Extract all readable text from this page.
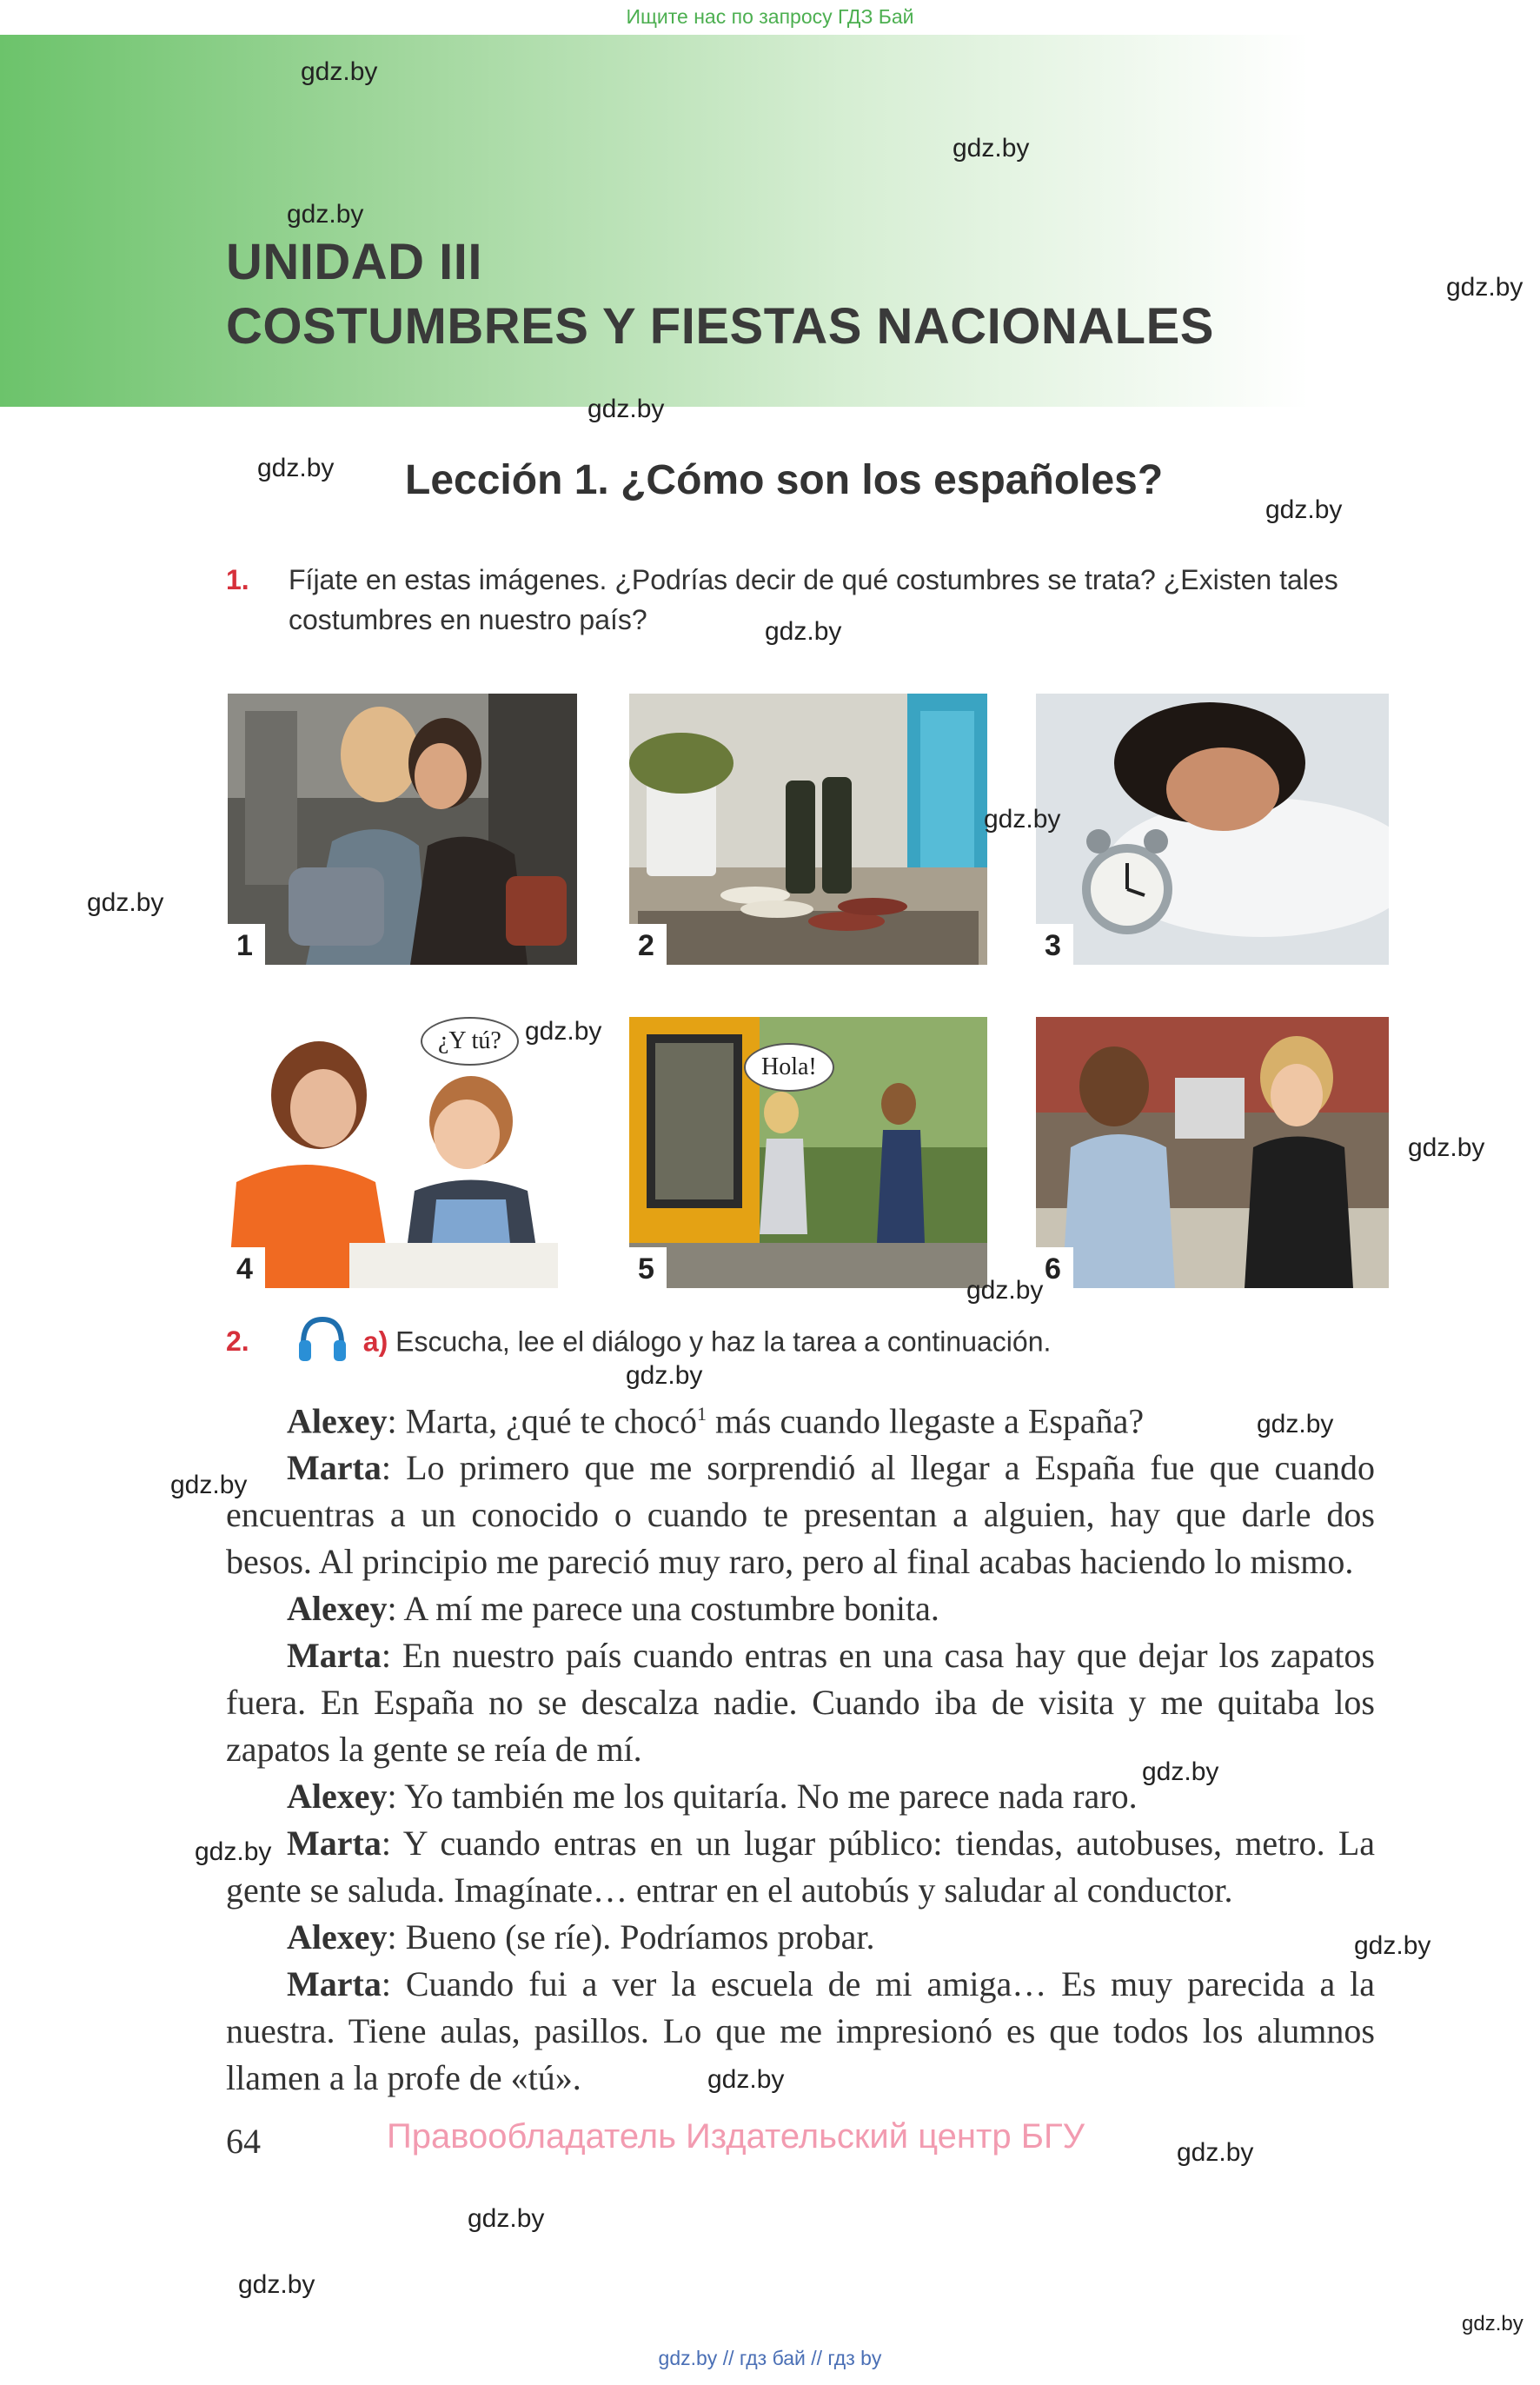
Ищите нас по запросу ГДЗ Бай
UNIDAD III
COSTUMBRES Y FIESTAS NACIONALES
Lección 1. ¿Cómo son los españoles?
1. Fíjate en estas imágenes. ¿Podrías decir de qué costumbres se trata? ¿Existen tales costumbres en nuestro país?
1	2	3
¿Y tú?
4
Hola!
5	6
2.	a) Escucha, lee el diálogo y haz la tarea a continuación.

Alexey: Marta, ¿qué te chocó$^1$ más cuando llegaste a España?

Marta: Lo primero que me sorprendió al llegar a España fue que cuando encuentras a un conocido o cuando te presentan a alguien, hay que darle dos besos. Al principio me pareció muy raro, pero al final acabas haciendo lo mismo.

Alexey: A mí me parece una costumbre bonita.

Marta: En nuestro país cuando entras en una casa hay que dejar los zapatos fuera. En España no se descalza nadie. Cuando iba de visita y me quitaba los zapatos la gente se reía de mí.

Alexey: Yo también me los quitaría. No me parece nada raro.

Marta: Y cuando entras en un lugar público: tiendas, autobuses, metro. La gente se saluda. Imagínate… entrar en el autobús y saludar al conductor.

Alexey: Bueno (se ríe). Podríamos probar.

Marta: Cuando fui a ver la escuela de mi amiga… Es muy parecida a la nuestra. Tiene aulas, pasillos. Lo que me impresionó es que todos los alumnos llamen a la profe de «tú».

64	Правообладатель Издательский центр БГУ
gdz.by // гдз бай // гдз by
gdz.by
gdz.by
gdz.by
gdz.by
gdz.by
gdz.by
gdz.by
gdz.by
gdz.by
gdz.by
gdz.by
gdz.by
gdz.by
gdz.by
gdz.by
gdz.by
gdz.by
gdz.by
gdz.by
gdz.by
gdz.by
gdz.by
gdz.by
gdz.by
